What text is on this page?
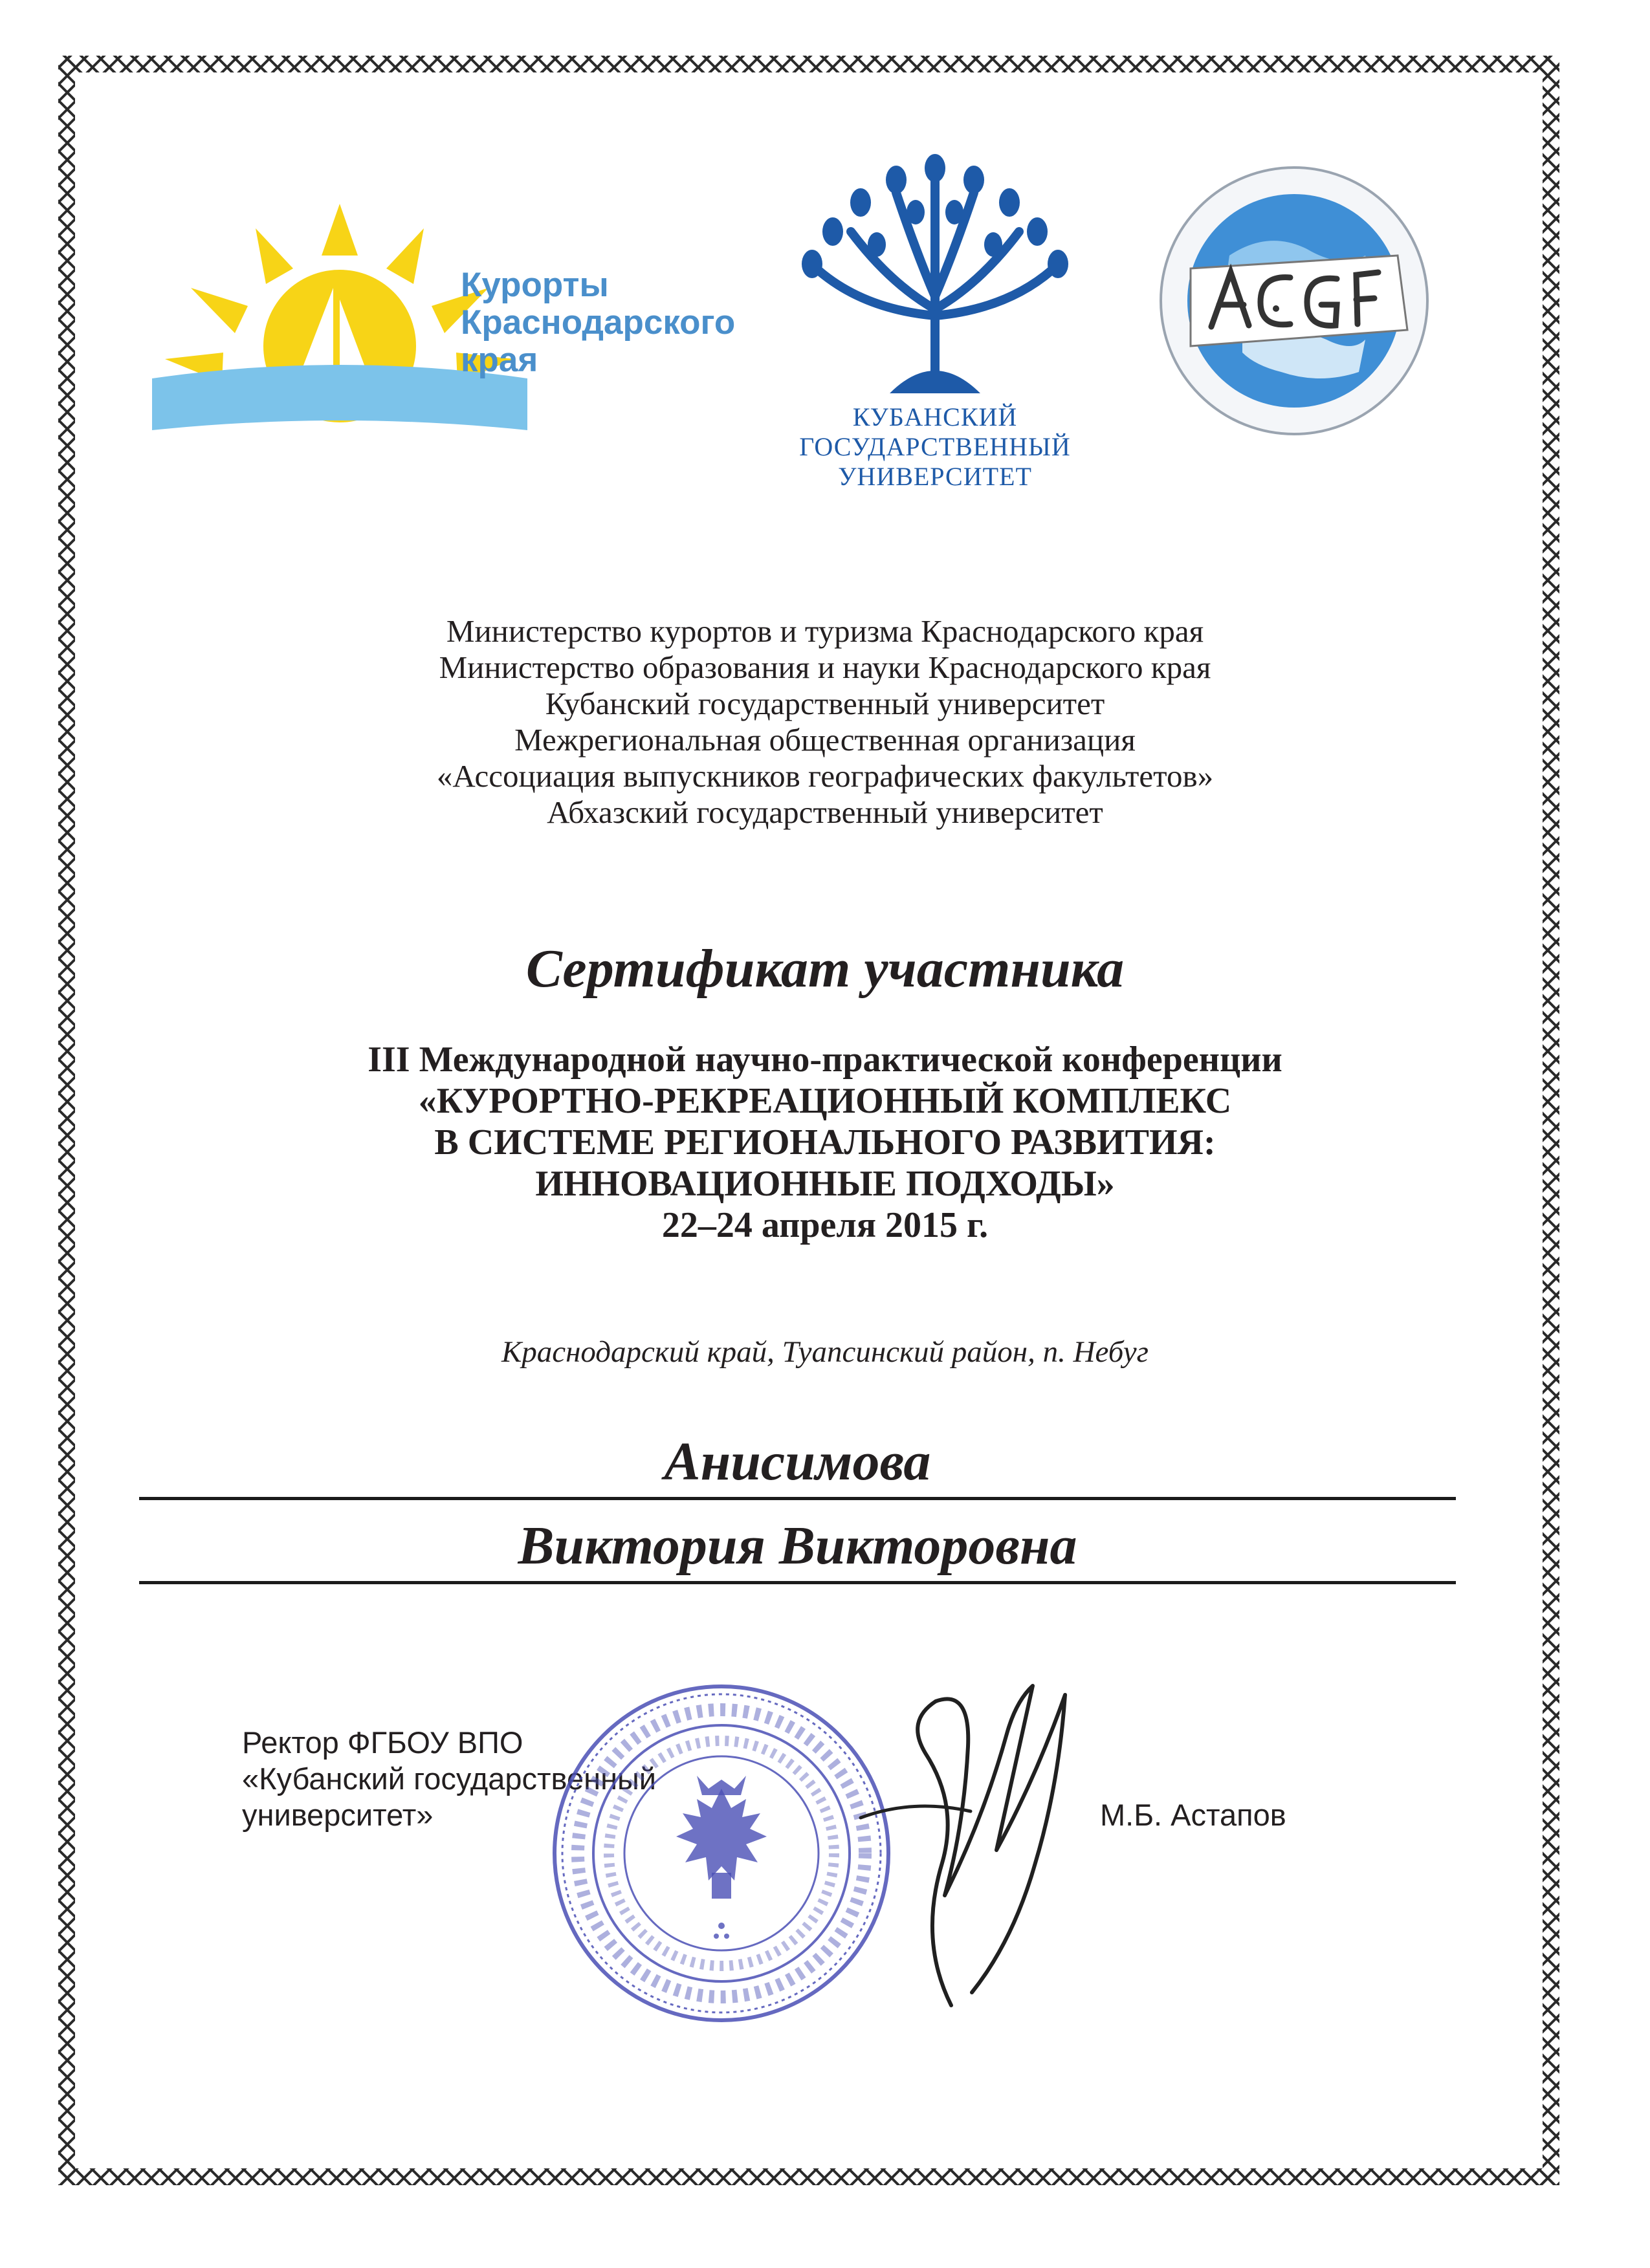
Курорты
Краснодарского
края
КУБАНСКИЙ
ГОСУДАРСТВЕННЫЙ
УНИВЕРСИТЕТ
Министерство курортов и туризма Краснодарского края
Министерство образования и науки Краснодарского края
Кубанский государственный университет
Межрегиональная общественная организация
«Ассоциация выпускников географических факультетов»
Абхазский государственный университет
Сертификат участника
III Международной научно-практической конференции
«КУРОРТНО-РЕКРЕАЦИОННЫЙ КОМПЛЕКС
В СИСТЕМЕ РЕГИОНАЛЬНОГО РАЗВИТИЯ:
ИННОВАЦИОННЫЕ ПОДХОДЫ»
22–24 апреля 2015 г.
Краснодарский край, Туапсинский район, п. Небуг
Анисимова
Виктория Викторовна
Ректор ФГБОУ ВПО
«Кубанский государственный
университет»	М.Б. Астапов
